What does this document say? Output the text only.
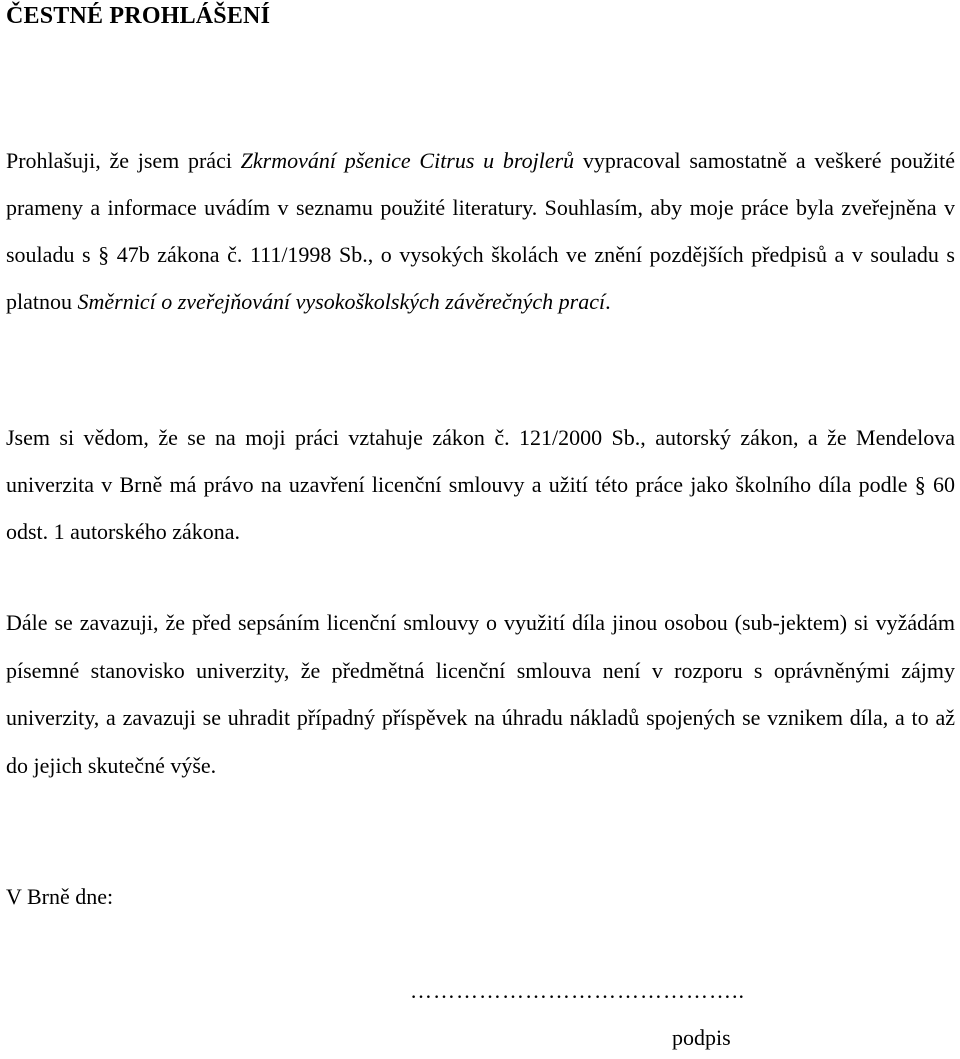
ČESTNÉ PROHLÁŠENÍ

Prohlašuji, že jsem práci Zkrmování pšenice Citrus u brojlerů vypracoval samostatně a veškeré použité prameny a informace uvádím v seznamu použité literatury. Souhlasím, aby moje práce byla zveřejněna v souladu s § 47b zákona č. 111/1998 Sb., o vysokých školách ve znění pozdějších předpisů a v souladu s platnou Směrnicí o zveřejňování vysokoškolských závěrečných prací.

Jsem si vědom, že se na moji práci vztahuje zákon č. 121/2000 Sb., autorský zákon, a že Mendelova univerzita v Brně má právo na uzavření licenční smlouvy a užití této práce jako školního díla podle § 60 odst. 1 autorského zákona.

Dále se zavazuji, že před sepsáním licenční smlouvy o využití díla jinou osobou (sub-jektem) si vyžádám písemné stanovisko univerzity, že předmětná licenční smlouva není v rozporu s oprávněnými zájmy univerzity, a zavazuji se uhradit případný příspěvek na úhradu nákladů spojených se vznikem díla, a to až do jejich skutečné výše.

V Brně dne:

……………………………………..

podpis
